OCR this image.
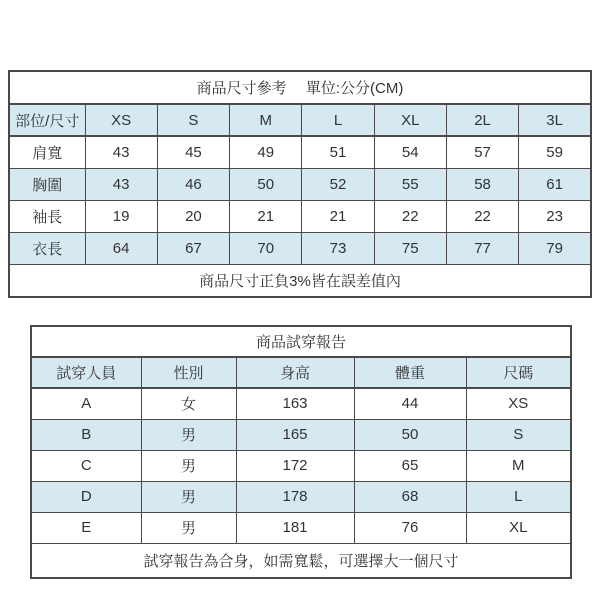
商品尺寸參考　 單位:公分(CM)							
部位/尺寸	XS	S	M	L	XL	2L	3L
肩寬	43	45	49	51	54	57	59
胸圍	43	46	50	52	55	58	61
袖長	19	20	21	21	22	22	23
衣長	64	67	70	73	75	77	79
商品尺寸正負3%皆在誤差值內							
商品試穿報告				
試穿人員	性別	身高	體重	尺碼
A	女	163	44	XS
B	男	165	50	S
C	男	172	65	M
D	男	178	68	L
E	男	181	76	XL
試穿報告為合身，如需寬鬆，可選擇大一個尺寸				
